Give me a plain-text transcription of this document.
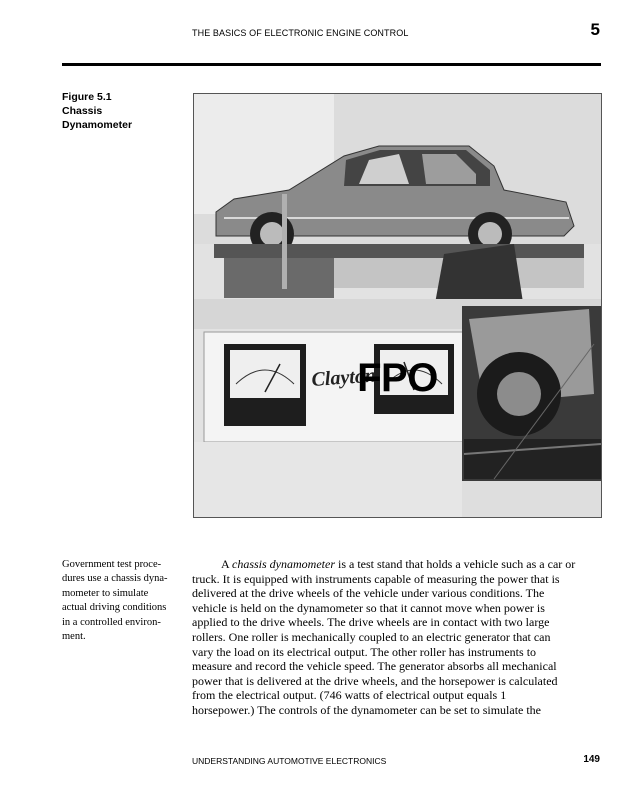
THE BASICS OF ELECTRONIC ENGINE CONTROL	5
Figure 5.1
Chassis
Dynamometer
Clayton
FPO
Government test proce-
dures use a chassis dyna-
mometer to simulate
actual driving conditions
in a controlled environ-
ment.
A chassis dynamometer is a test stand that holds a vehicle such as a car or
truck. It is equipped with instruments capable of measuring the power that is
delivered at the drive wheels of the vehicle under various conditions. The
vehicle is held on the dynamometer so that it cannot move when power is
applied to the drive wheels. The drive wheels are in contact with two large
rollers. One roller is mechanically coupled to an electric generator that can
vary the load on its electrical output. The other roller has instruments to
measure and record the vehicle speed. The generator absorbs all mechanical
power that is delivered at the drive wheels, and the horsepower is calculated
from the electrical output. (746 watts of electrical output equals 1
horsepower.) The controls of the dynamometer can be set to simulate the
UNDERSTANDING AUTOMOTIVE ELECTRONICS	149
